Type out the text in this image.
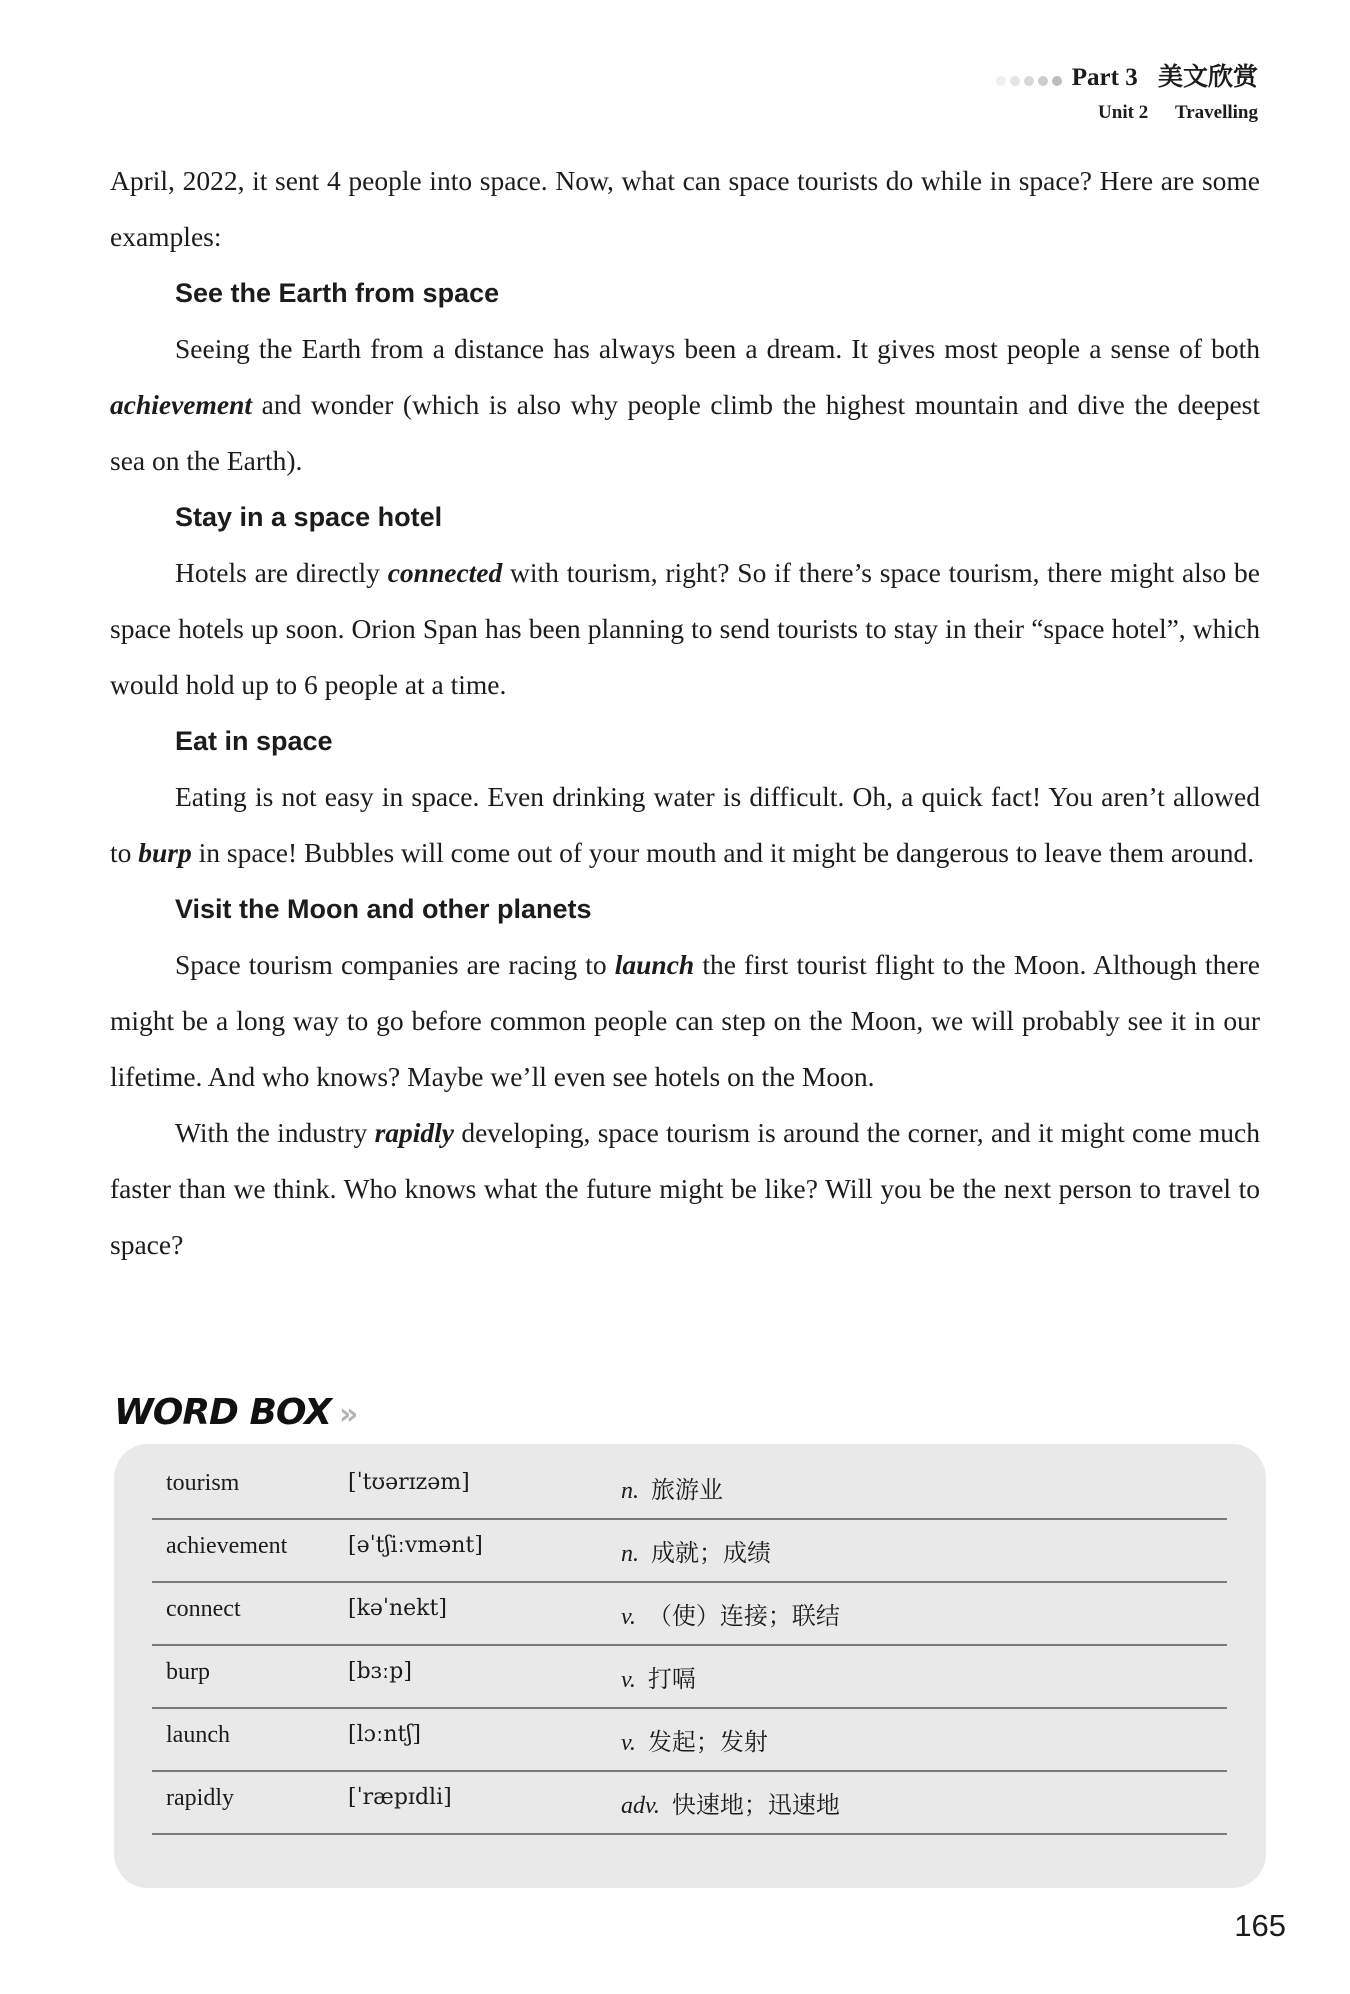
Part 3 美文欣赏
Unit 2 Travelling

April, 2022, it sent 4 people into space. Now, what can space tourists do while in space? Here are some examples:

See the Earth from space

Seeing the Earth from a distance has always been a dream. It gives most people a sense of both achievement and wonder (which is also why people climb the highest mountain and dive the deepest sea on the Earth).

Stay in a space hotel

Hotels are directly connected with tourism, right? So if there’s space tourism, there might also be space hotels up soon. Orion Span has been planning to send tourists to stay in their “space hotel”, which would hold up to 6 people at a time.

Eat in space

Eating is not easy in space. Even drinking water is difficult. Oh, a quick fact! You aren’t allowed to burp in space! Bubbles will come out of your mouth and it might be dangerous to leave them around.

Visit the Moon and other planets

Space tourism companies are racing to launch the first tourist flight to the Moon. Although there might be a long way to go before common people can step on the Moon, we will probably see it in our lifetime. And who knows? Maybe we’ll even see hotels on the Moon.

With the industry rapidly developing, space tourism is around the corner, and it might come much faster than we think. Who knows what the future might be like? Will you be the next person to travel to space?

WORD BOX »
tourism	[ˈtʊərɪzəm]	n. 旅游业
achievement	[əˈtʃiːvmənt]	n. 成就；成绩
connect	[kəˈnekt]	v. （使）连接；联结
burp	[bɜːp]	v. 打嗝
launch	[lɔːntʃ]	v. 发起；发射
rapidly	[ˈræpɪdli]	adv. 快速地；迅速地
165
